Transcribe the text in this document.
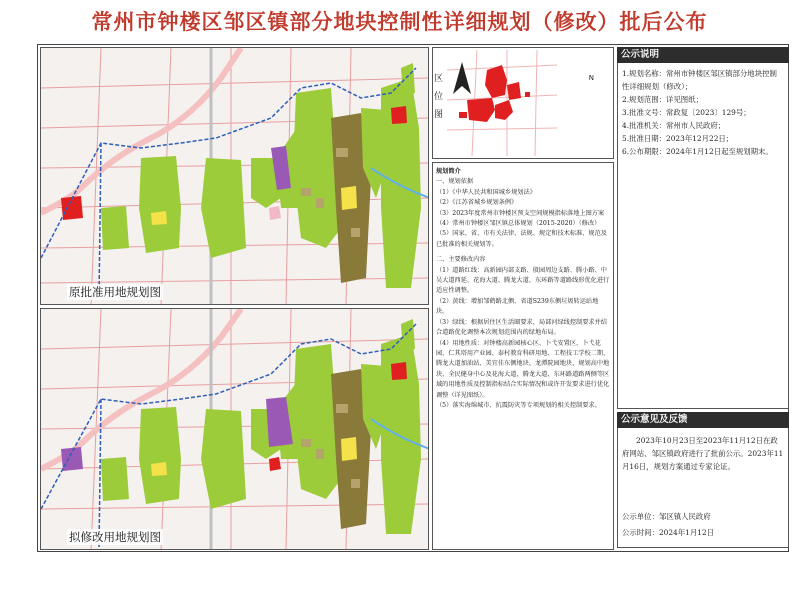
常州市钟楼区邹区镇部分地块控制性详细规划（修改）批后公布
原批准用地规划图
拟修改用地规划图
区
位
图
N

规划简介

一、规划依据

（1）《中华人民共和国城乡规划法》

（2）《江苏省城乡规划条例》

（3）2023年度常州市钟楼区预支空间规模指标落地上图方案

（4）常州市钟楼区邹区镇总体规划（2015-2020）（修改）

（5）国家、省、市有关法律、法规、规定和技术标准、规范及已批准的相关规划等。

二、主要修改内容

（1）道路红线：高新园内部支路、殷园周边支路、腾小路、中吴大道西延、花海大道、腾龙大道、东环路等道路线形优化进行适应性调整。

（2）黄线：增加邹鹤路北侧、省道S239东侧垃圾转运站地块。

（3）绿线：根据居住区生活圈要求，局部河绿线控制要求并结合道路优化调整本次规划范围内的绿地布局。

（4）用地性质：对钟楼高新园核心区、卜弋安置区、卜弋花园、仁其塔用产业园、泰村教育科研用地、工程技工学校二期、腾龙大道加油站、美宜佳东侧地块、龙潭院园地块、规划高中地块、全民健身中心及花海大道、腾龙大道、东环路道路两侧等区域的用地性质及控制指标结合实际情况和或许开发要求进行优化调整（详见图纸）。

（5）落实海绵城市、抗震防灾等专项规划的相关控制要求。

公示说明

1.规划名称：常州市钟楼区邹区镇部分地块控制性详细规划（修改）；

2.规划范围：详见图纸；

3.批准文号：常政复〔2023〕129号；

4.批准机关：常州市人民政府；

5.批准日期：2023年12月22日；

6.公布期限：2024年1月12日起至规划期末。

公示意见及反馈

2023年10月23日至2023年11月12日在政府网站、邹区镇政府进行了批前公示。2023年11月16日，规划方案通过专家论证。

公示单位：邹区镇人民政府

公示时间：2024年1月12日
